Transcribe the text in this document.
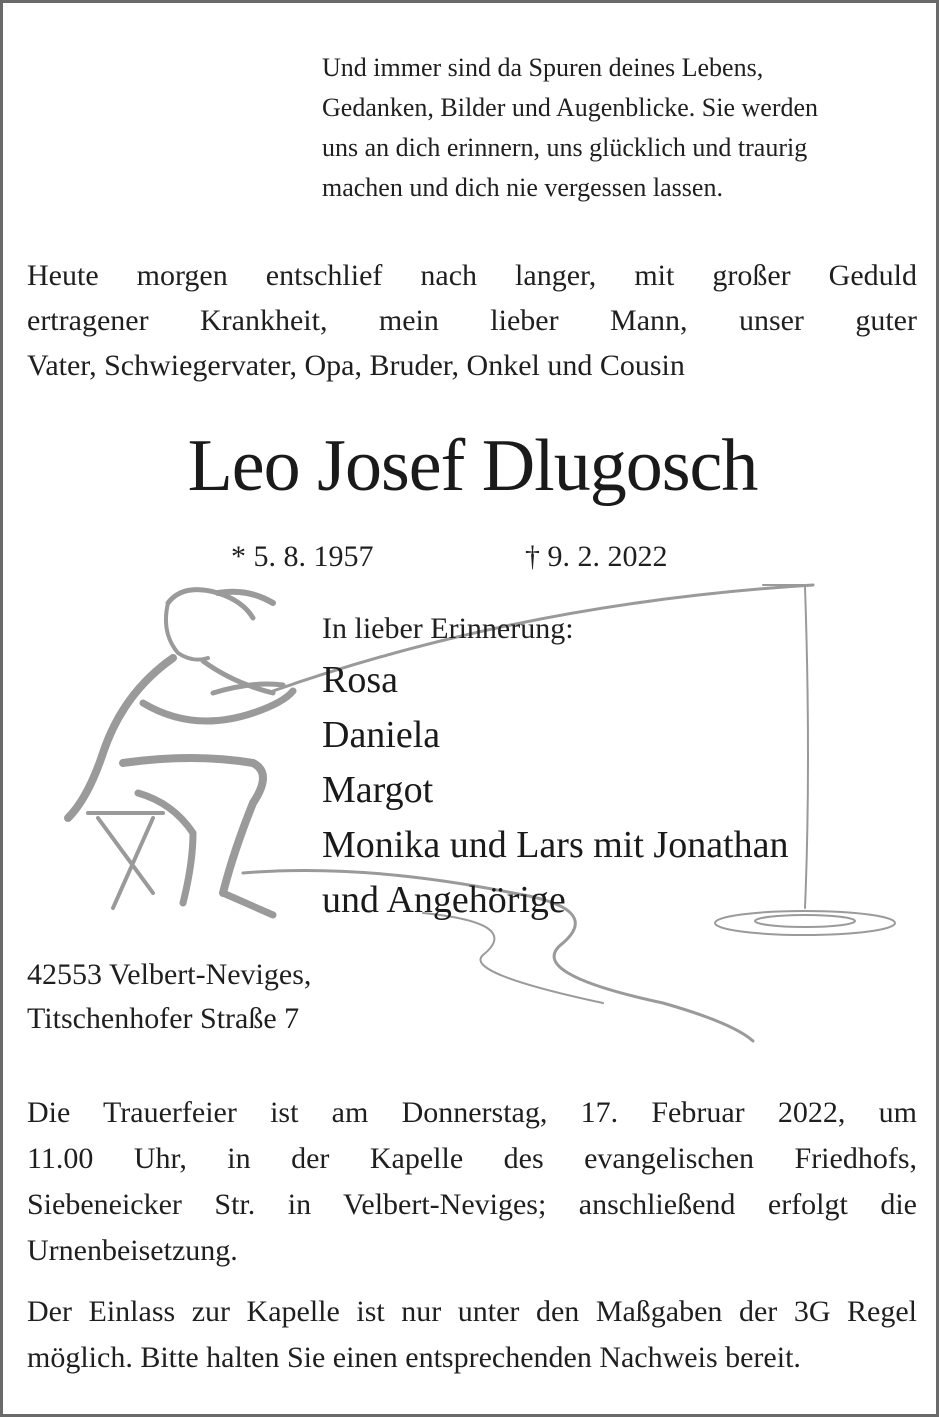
Und immer sind da Spuren deines Lebens,
Gedanken, Bilder und Augenblicke. Sie werden
uns an dich erinnern, uns glücklich und traurig
machen und dich nie vergessen lassen.
Heute morgen entschlief nach langer, mit großer Geduld
ertragener Krankheit, mein lieber Mann, unser guter
Vater, Schwiegervater, Opa, Bruder, Onkel und Cousin
Leo Josef Dlugosch
* 5. 8. 1957	† 9. 2. 2022
In lieber Erinnerung:
Rosa
Daniela
Margot
Monika und Lars mit Jonathan
und Angehörige
42553 Velbert-Neviges,
Titschenhofer Straße 7
Die Trauerfeier ist am Donnerstag, 17. Februar 2022, um
11.00 Uhr, in der Kapelle des evangelischen Friedhofs,
Siebeneicker Str. in Velbert-Neviges; anschließend erfolgt die
Urnenbeisetzung.
Der Einlass zur Kapelle ist nur unter den Maßgaben der 3G Regel
möglich. Bitte halten Sie einen entsprechenden Nachweis bereit.
